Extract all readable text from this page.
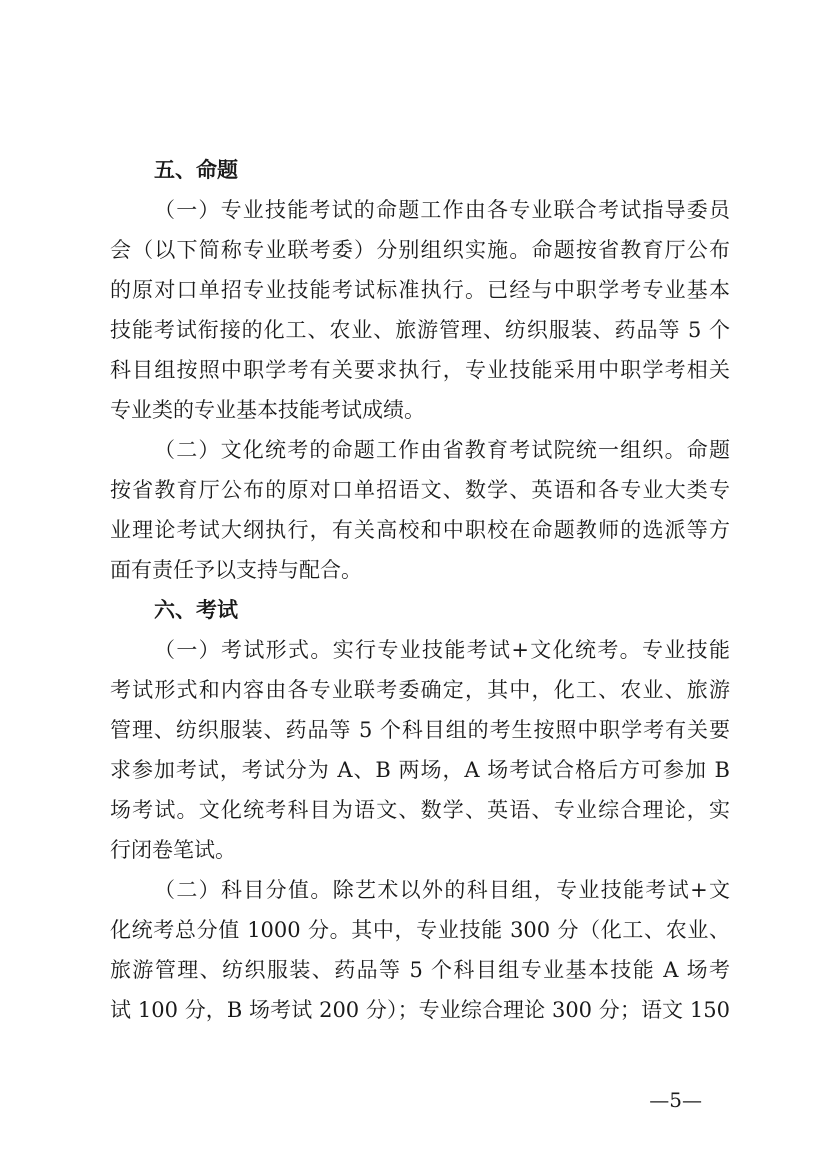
五、命题

（一）专业技能考试的命题工作由各专业联合考试指导委员
会（以下简称专业联考委）分别组织实施。命题按省教育厅公布
的原对口单招专业技能考试标准执行。已经与中职学考专业基本
技能考试衔接的化工、农业、旅游管理、纺织服装、药品等 5 个
科目组按照中职学考有关要求执行，专业技能采用中职学考相关
专业类的专业基本技能考试成绩。

（二）文化统考的命题工作由省教育考试院统一组织。命题
按省教育厅公布的原对口单招语文、数学、英语和各专业大类专
业理论考试大纲执行，有关高校和中职校在命题教师的选派等方
面有责任予以支持与配合。

六、考试

（一）考试形式。实行专业技能考试+文化统考。专业技能
考试形式和内容由各专业联考委确定，其中，化工、农业、旅游
管理、纺织服装、药品等 5 个科目组的考生按照中职学考有关要
求参加考试，考试分为 A、B 两场，A 场考试合格后方可参加 B
场考试。文化统考科目为语文、数学、英语、专业综合理论，实
行闭卷笔试。

（二）科目分值。除艺术以外的科目组，专业技能考试+文
化统考总分值 1000 分。其中，专业技能 300 分（化工、农业、
旅游管理、纺织服装、药品等 5 个科目组专业基本技能 A 场考
试 100 分，B 场考试 200 分）；专业综合理论 300 分；语文 150

—5—
